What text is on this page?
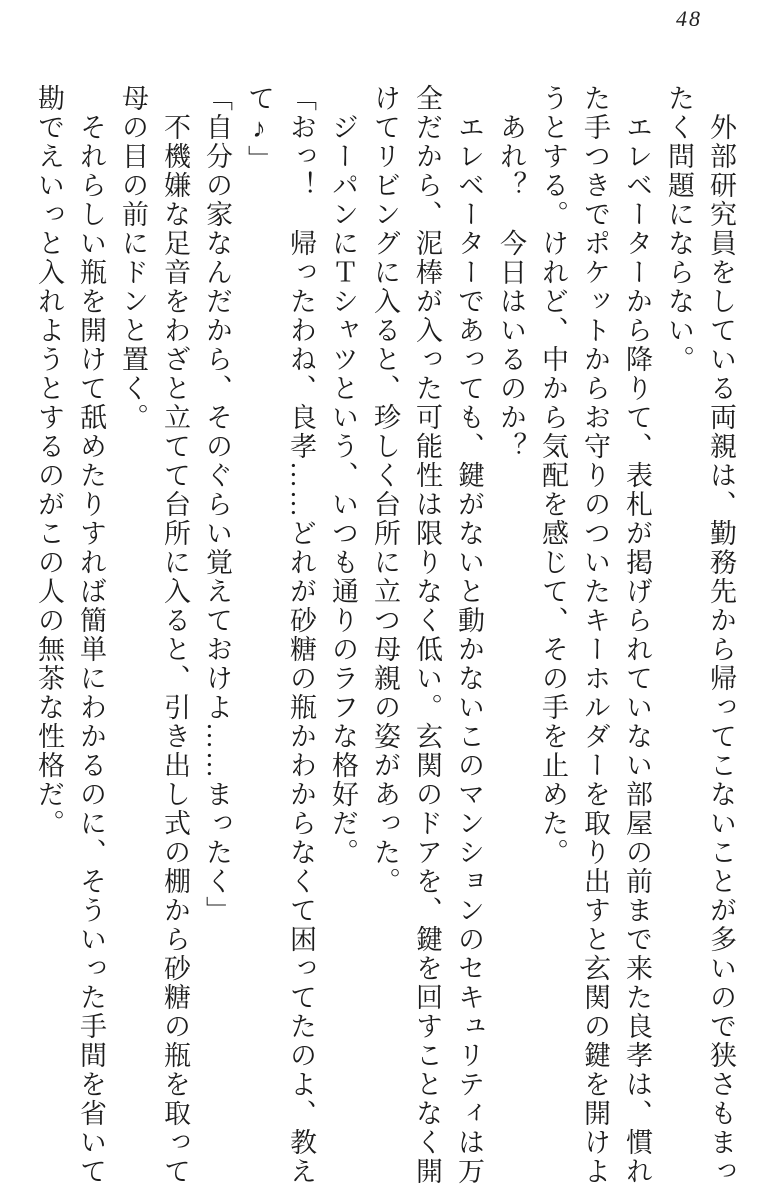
48
外部研究員をしている両親は、勤務先から帰ってこないことが多いので狭さもまっ
たく問題にならない。
エレベーターから降りて、表札が掲げられていない部屋の前まで来た良孝は、慣れ
た手つきでポケットからお守りのついたキーホルダーを取り出すと玄関の鍵を開けよ
うとする。けれど、中から気配を感じて、その手を止めた。
あれ？　今日はいるのか？
エレベーターであっても、鍵がないと動かないこのマンションのセキュリティは万
全だから、泥棒が入った可能性は限りなく低い。玄関のドアを、鍵を回すことなく開
けてリビングに入ると、珍しく台所に立つ母親の姿があった。
ジーパンにＴシャツという、いつも通りのラフな格好だ。
「おっ！　帰ったわね、良孝……どれが砂糖の瓶かわからなくて困ってたのよ、教え
て♪」
「自分の家なんだから、そのぐらい覚えておけよ……まったく」
不機嫌な足音をわざと立てて台所に入ると、引き出し式の棚から砂糖の瓶を取って
母の目の前にドンと置く。
それらしい瓶を開けて舐めたりすれば簡単にわかるのに、そういった手間を省いて
勘でえいっと入れようとするのがこの人の無茶な性格だ。
